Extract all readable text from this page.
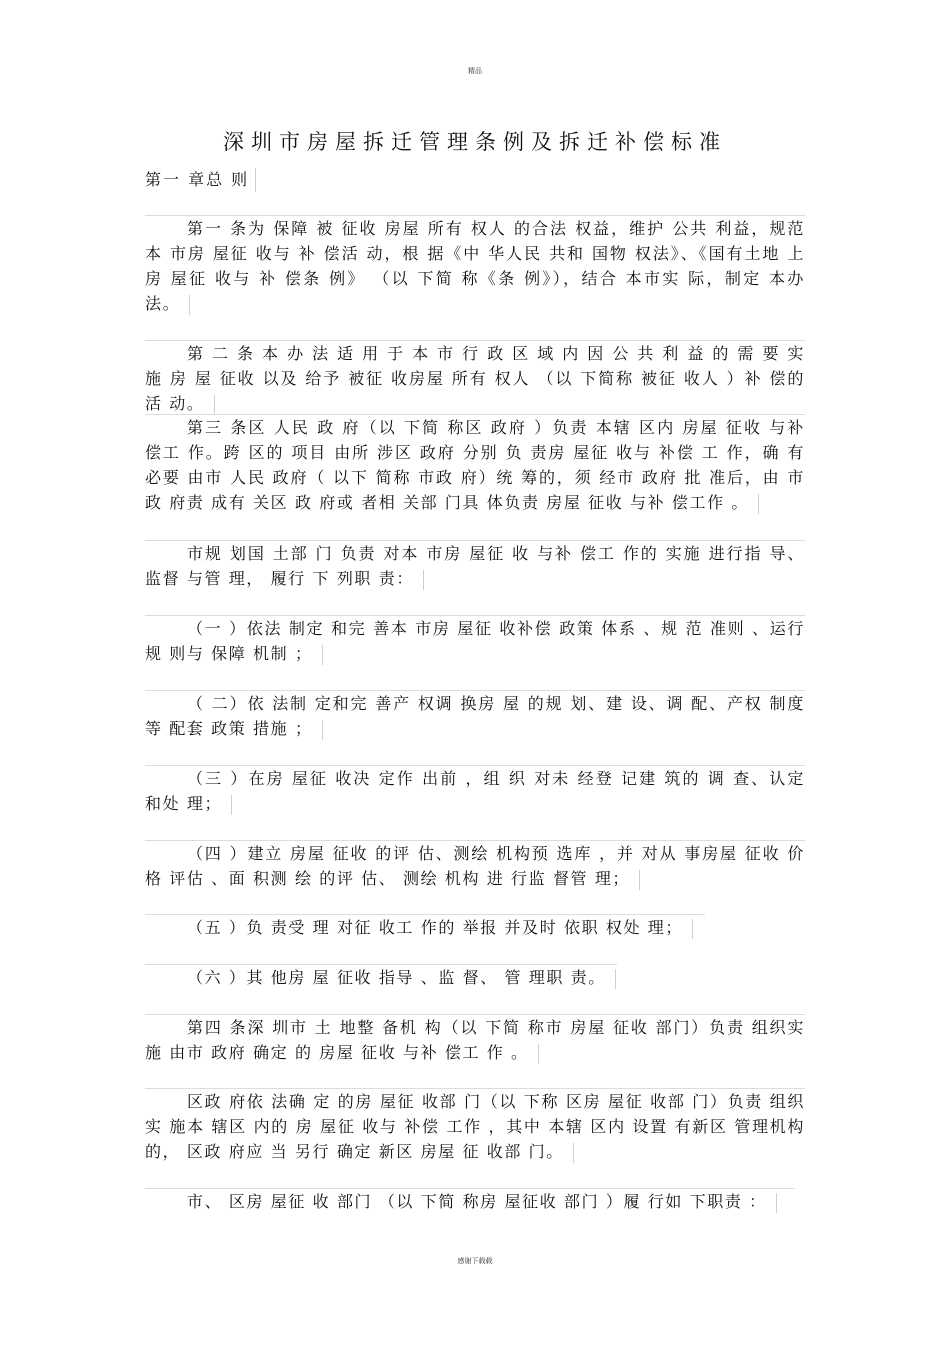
精品
深圳市房屋拆迁管理条例及拆迁补偿标准
第一 章总 则

第一 条为 保障 被 征收 房屋 所有 权人 的合法 权益，维护 公共 利益，规范本 市房 屋征 收与 补 偿活 动，根 据《中 华人民 共和 国物 权法》、《国有土地 上房 屋征 收与 补 偿条 例》 （以 下简 称《条 例》），结合 本市实 际，制定 本办 法。

第 二 条 本 办 法 适 用 于 本 市 行 政 区 域 内 因 公 共 利 益 的 需 要 实 施 房 屋 征收 以及 给予 被征 收房屋 所有 权人 （以 下简称 被征 收人 ）补 偿的活 动。

第三 条区 人民 政 府（以 下简 称区 政府 ）负责 本辖 区内 房屋 征收 与补 偿工 作。跨 区的 项目 由所 涉区 政府 分别 负 责房 屋征 收与 补偿 工 作，确 有 必要 由市 人民 政府（ 以下 简称 市政 府）统 筹的，须 经市 政府 批 准后，由 市政 府责 成有 关区 政 府或 者相 关部 门具 体负责 房屋 征收 与补 偿工作 。

市规 划国 土部 门 负责 对本 市房 屋征 收 与补 偿工 作的 实施 进行指 导、监督 与管 理， 履行 下 列职 责：

（一 ）依法 制定 和完 善本 市房 屋征 收补偿 政策 体系 、规 范 准则 、运行规 则与 保障 机制 ；

（ 二）依 法制 定和完 善产 权调 换房 屋 的规 划、建 设、调 配、产权 制度等 配套 政策 措施 ；

（三 ）在房 屋征 收决 定作 出前 ，组 织 对未 经登 记建 筑的 调 查、认定 和处 理；

（四 ）建立 房屋 征收 的评 估、测绘 机构预 选库 ，并 对从 事房屋 征收 价格 评估 、面 积测 绘 的评 估、 测绘 机构 进 行监 督管 理；

（五 ）负 责受 理 对征 收工 作的 举报 并及时 依职 权处 理；

（六 ）其 他房 屋 征收 指导 、监 督、 管 理职 责。

第四 条深 圳市 土 地整 备机 构（以 下简 称市 房屋 征收 部门）负责 组织实施 由市 政府 确定 的 房屋 征收 与补 偿工 作 。

区政 府依 法确 定 的房 屋征 收部 门（以 下称 区房 屋征 收部 门）负责 组织实 施本 辖区 内的 房 屋征 收与 补偿 工作 ，其中 本辖 区内 设置 有新区 管理机构 的， 区政 府应 当 另行 确定 新区 房屋 征 收部 门。

市、 区房 屋征 收 部门 （以 下简 称房 屋征收 部门 ）履 行如 下职责 ：

感谢下载载
